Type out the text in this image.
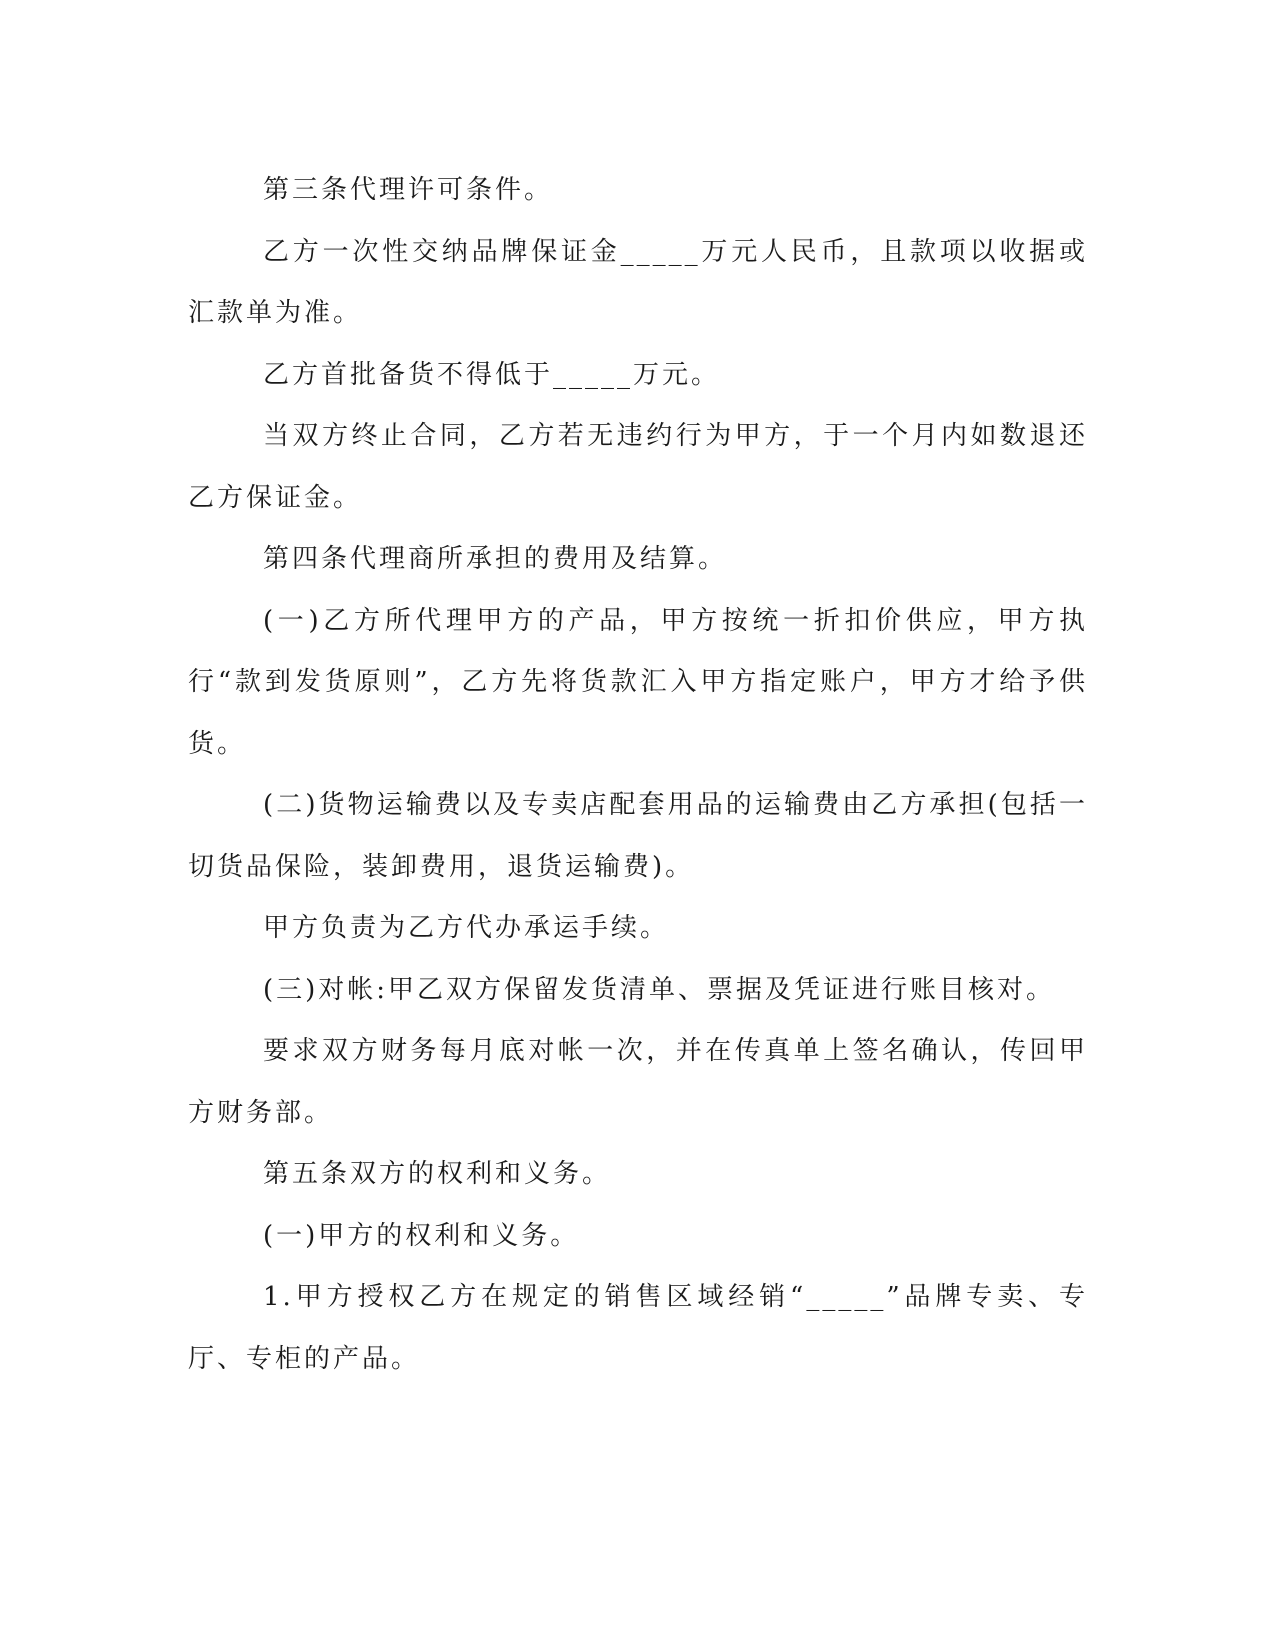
第三条代理许可条件。

乙方一次性交纳品牌保证金_____万元人民币，且款项以收据或汇款单为准。

乙方首批备货不得低于_____万元。

当双方终止合同，乙方若无违约行为甲方，于一个月内如数退还乙方保证金。

第四条代理商所承担的费用及结算。

(一)乙方所代理甲方的产品，甲方按统一折扣价供应，甲方执行“款到发货原则”，乙方先将货款汇入甲方指定账户，甲方才给予供货。

(二)货物运输费以及专卖店配套用品的运输费由乙方承担(包括一切货品保险，装卸费用，退货运输费)。

甲方负责为乙方代办承运手续。

(三)对帐:甲乙双方保留发货清单、票据及凭证进行账目核对。

要求双方财务每月底对帐一次，并在传真单上签名确认，传回甲方财务部。

第五条双方的权利和义务。

(一)甲方的权利和义务。

1.甲方授权乙方在规定的销售区域经销“_____”品牌专卖、专厅、专柜的产品。
